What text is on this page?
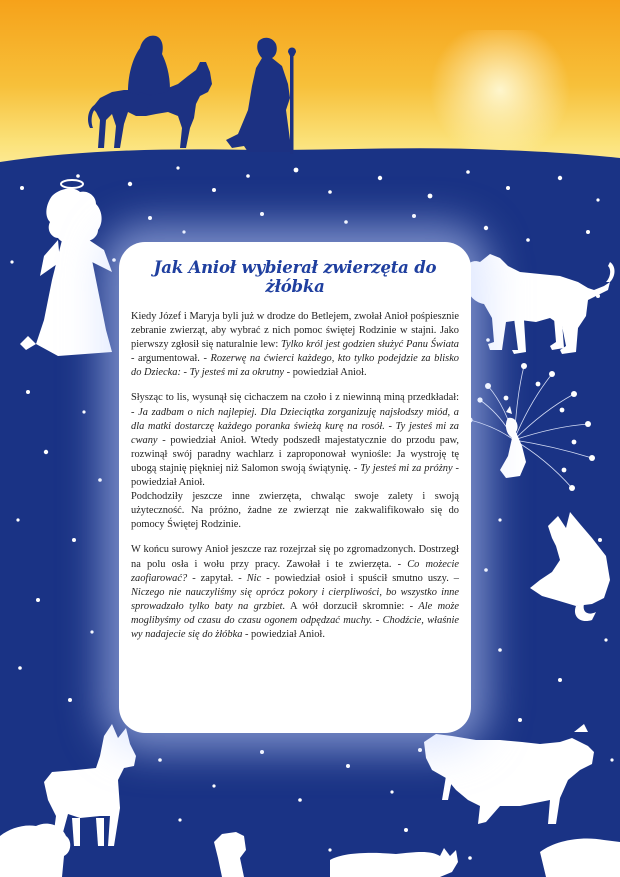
Jak Anioł wybierał zwierzęta do żłóbka

Kiedy Józef i Maryja byli już w drodze do Betlejem, zwołał Anioł pośpiesznie zebranie zwierząt, aby wybrać z nich pomoc świętej Rodzinie w stajni. Jako pierwszy zgłosił się naturalnie lew: Tylko król jest godzien służyć Panu Świata - argumentował. - Rozerwę na ćwierci każdego, kto tylko podejdzie za blisko do Dziecka: - Ty jesteś mi za okrutny - powiedział Anioł.

Słysząc to lis, wysunął się cichaczem na czoło i z niewinną miną przedkładał: - Ja zadbam o nich najlepiej. Dla Dzieciątka zorganizuję najsłodszy miód, a dla matki dostarczę każdego poranka świeżą kurę na rosół. - Ty jesteś mi za cwany - powiedział Anioł. Wtedy podszedł majestatycznie do przodu paw, rozwinął swój paradny wachlarz i zaproponował wyniośle: Ja wystroję tę ubogą stajnię piękniej niż Salomon swoją świątynię. - Ty jesteś mi za próżny - powiedział Anioł.

Podchodziły jeszcze inne zwierzęta, chwaląc swoje zalety i swoją użyteczność. Na próżno, żadne ze zwierząt nie zakwalifikowało się do pomocy Świętej Rodzinie.

W końcu surowy Anioł jeszcze raz rozejrzał się po zgromadzonych. Dostrzegł na polu osła i wołu przy pracy. Zawołał i te zwierzęta. - Co możecie zaofiarować? - zapytał. - Nic - powiedział osioł i spuścił smutno uszy. – Niczego nie nauczyliśmy się oprócz pokory i cierpliwości, bo wszystko inne sprowadzało tylko baty na grzbiet. A wół dorzucił skromnie: - Ale może moglibyśmy od czasu do czasu ogonem odpędzać muchy. - Chodźcie, właśnie wy nadajecie się do żłóbka - powiedział Anioł.
